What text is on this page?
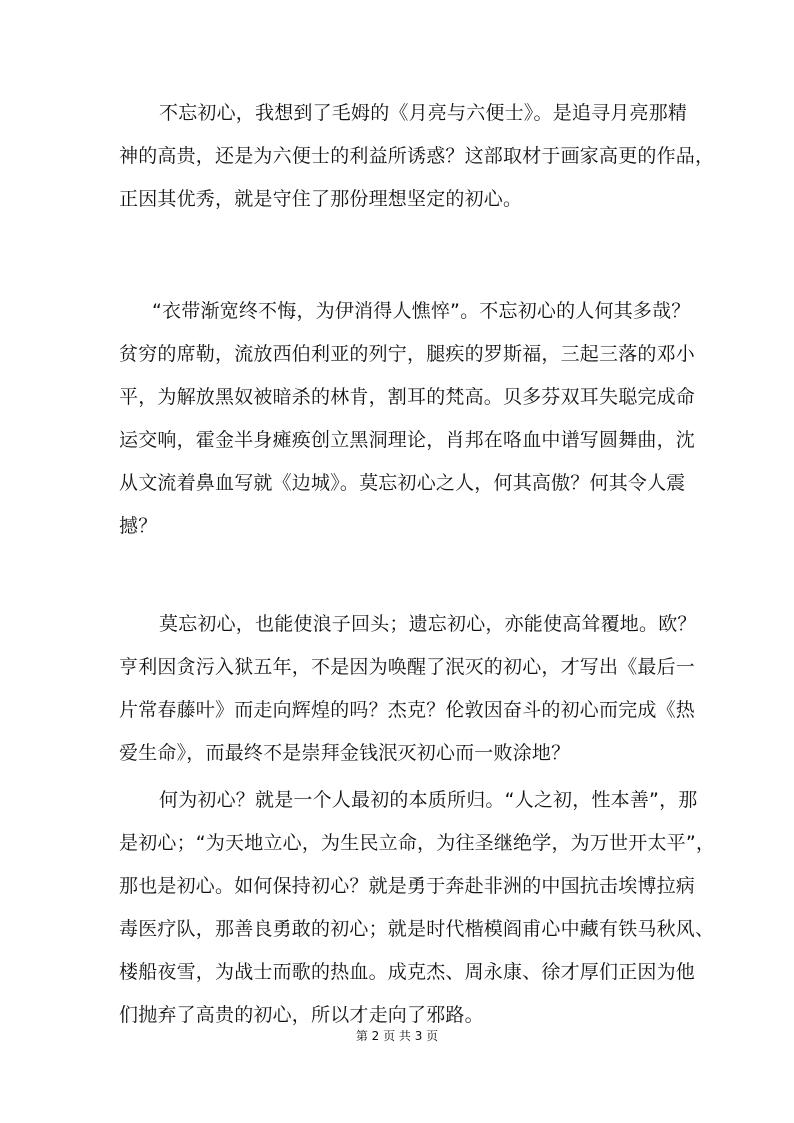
不忘初心，我想到了毛姆的《月亮与六便士》。是追寻月亮那精
神的高贵，还是为六便士的利益所诱惑？这部取材于画家高更的作品，
正因其优秀，就是守住了那份理想坚定的初心。
“衣带渐宽终不悔，为伊消得人憔悴”。不忘初心的人何其多哉？
贫穷的席勒，流放西伯利亚的列宁，腿疾的罗斯福，三起三落的邓小
平，为解放黑奴被暗杀的林肯，割耳的梵高。贝多芬双耳失聪完成命
运交响，霍金半身瘫痪创立黑洞理论，肖邦在咯血中谱写圆舞曲，沈
从文流着鼻血写就《边城》。莫忘初心之人，何其高傲？何其令人震
撼？
莫忘初心，也能使浪子回头；遗忘初心，亦能使高耸覆地。欧？
亨利因贪污入狱五年，不是因为唤醒了泯灭的初心，才写出《最后一
片常春藤叶》而走向辉煌的吗？杰克？伦敦因奋斗的初心而完成《热
爱生命》，而最终不是崇拜金钱泯灭初心而一败涂地？
何为初心？就是一个人最初的本质所归。“人之初，性本善”，那
是初心；“为天地立心，为生民立命，为往圣继绝学，为万世开太平”，
那也是初心。如何保持初心？就是勇于奔赴非洲的中国抗击埃博拉病
毒医疗队，那善良勇敢的初心；就是时代楷模阎甫心中藏有铁马秋风、
楼船夜雪，为战士而歌的热血。成克杰、周永康、徐才厚们正因为他
们抛弃了高贵的初心，所以才走向了邪路。
第 2 页 共 3 页
